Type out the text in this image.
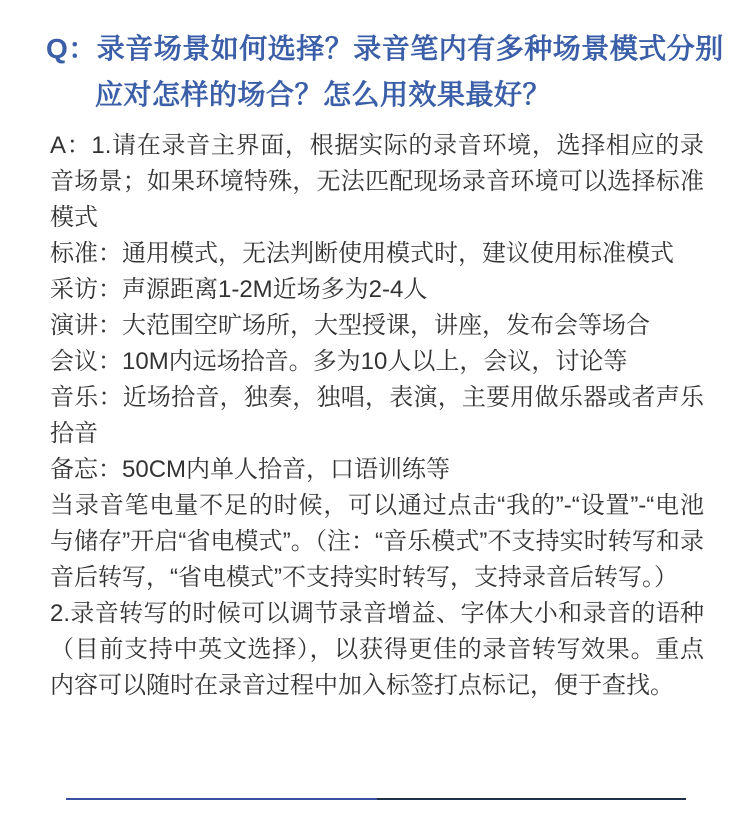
Q：录音场景如何选择？录音笔内有多种场景模式分别应对怎样的场合？怎么用效果最好？

A：1.请在录音主界面，根据实际的录音环境，选择相应的录音场景；如果环境特殊，无法匹配现场录音环境可以选择标准模式

标准：通用模式，无法判断使用模式时，建议使用标准模式

采访：声源距离1-2M近场多为2-4人

演讲：大范围空旷场所，大型授课，讲座，发布会等场合

会议：10M内远场拾音。多为10人以上，会议，讨论等

音乐：近场拾音，独奏，独唱，表演，主要用做乐器或者声乐拾音

备忘：50CM内单人拾音，口语训练等

当录音笔电量不足的时候，可以通过点击“我的”-“设置”-“电池与储存”开启“省电模式”。（注：“音乐模式”不支持实时转写和录音后转写，“省电模式”不支持实时转写，支持录音后转写。）

2.录音转写的时候可以调节录音增益、字体大小和录音的语种（目前支持中英文选择），以获得更佳的录音转写效果。重点内容可以随时在录音过程中加入标签打点标记，便于查找。
